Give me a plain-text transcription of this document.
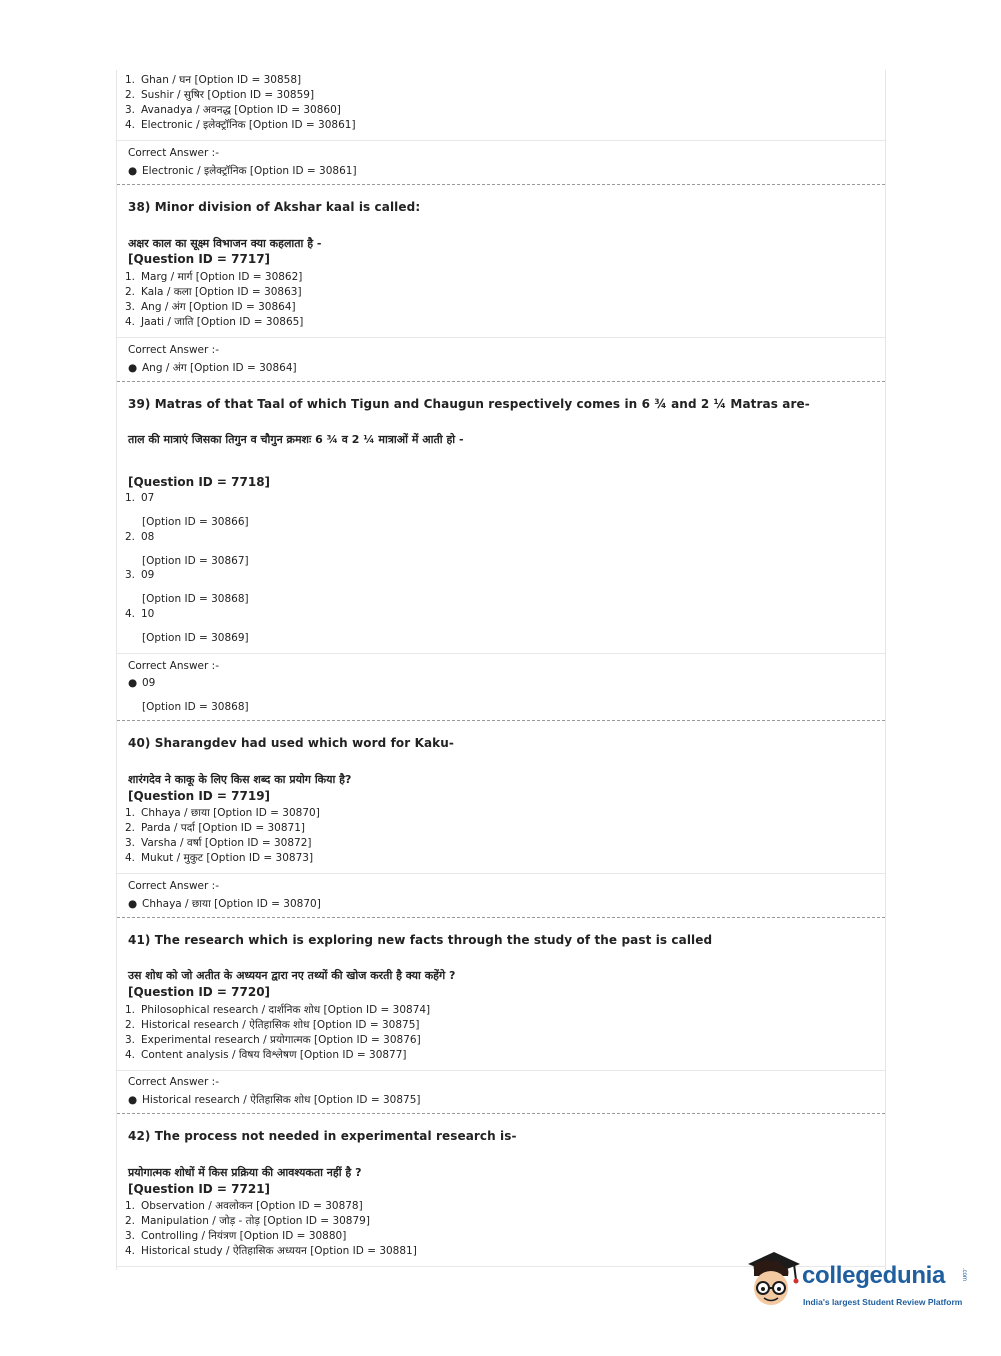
1. Ghan / घन [Option ID = 30858]
2. Sushir / सुषिर [Option ID = 30859]
3. Avanadya / अवनद्ध [Option ID = 30860]
4. Electronic / इलेक्ट्रॉनिक [Option ID = 30861]
Correct Answer :-
● Electronic / इलेक्ट्रॉनिक [Option ID = 30861]
38) Minor division of Akshar kaal is called:
अक्षर काल का सूक्ष्म विभाजन क्या कहलाता है -
[Question ID = 7717]
1. Marg / मार्ग [Option ID = 30862]
2. Kala / कला [Option ID = 30863]
3. Ang / अंग [Option ID = 30864]
4. Jaati / जाति [Option ID = 30865]
Correct Answer :-
● Ang / अंग [Option ID = 30864]
39) Matras of that Taal of which Tigun and Chaugun respectively comes in 6 ¾ and 2 ¼ Matras are-
ताल की मात्राएं जिसका तिगुन व चौगुन क्रमशः 6 ¾ व 2 ¼ मात्राओं में आती हो -
[Question ID = 7718]
1. 07
[Option ID = 30866]
2. 08
[Option ID = 30867]
3. 09
[Option ID = 30868]
4. 10
[Option ID = 30869]
Correct Answer :-
● 09
[Option ID = 30868]
40) Sharangdev had used which word for Kaku-
शारंगदेव ने काकू के लिए किस शब्द का प्रयोग किया है?
[Question ID = 7719]
1. Chhaya / छाया [Option ID = 30870]
2. Parda / पर्दा [Option ID = 30871]
3. Varsha / वर्षा [Option ID = 30872]
4. Mukut / मुकुट [Option ID = 30873]
Correct Answer :-
● Chhaya / छाया [Option ID = 30870]
41) The research which is exploring new facts through the study of the past is called
उस शोध को जो अतीत के अध्ययन द्वारा नए तथ्यों की खोज करती है क्या कहेंगे ?
[Question ID = 7720]
1. Philosophical research / दार्शनिक शोध [Option ID = 30874]
2. Historical research / ऐतिहासिक शोध [Option ID = 30875]
3. Experimental research / प्रयोगात्मक [Option ID = 30876]
4. Content analysis / विषय विश्लेषण [Option ID = 30877]
Correct Answer :-
● Historical research / ऐतिहासिक शोध [Option ID = 30875]
42) The process not needed in experimental research is-
प्रयोगात्मक शोधों में किस प्रक्रिया की आवश्यकता नहीं है ?
[Question ID = 7721]
1. Observation / अवलोकन [Option ID = 30878]
2. Manipulation / जोड़ - तोड़ [Option ID = 30879]
3. Controlling / नियंत्रण [Option ID = 30880]
4. Historical study / ऐतिहासिक अध्ययन [Option ID = 30881]
collegedunia	.com
India's largest Student Review Platform
